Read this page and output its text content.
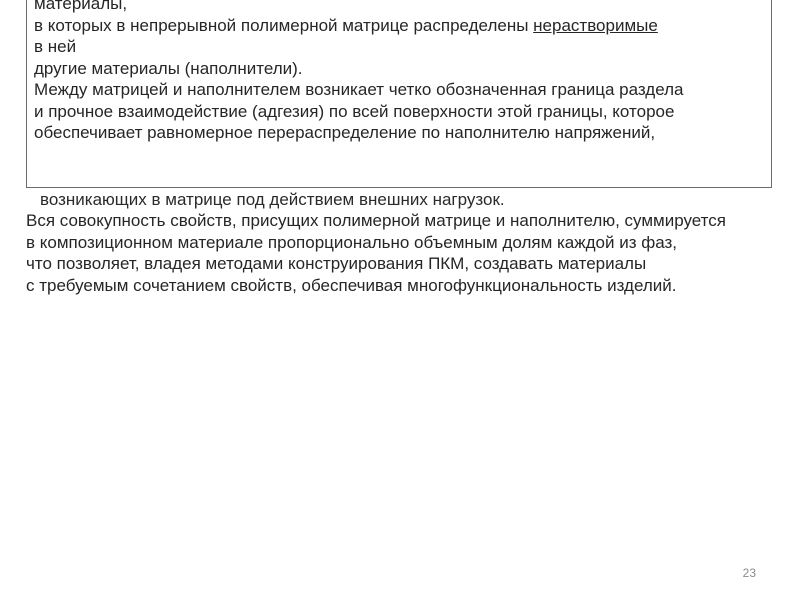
материалы,

в которых в непрерывной полимерной матрице распределены нерастворимые

в ней

другие материалы (наполнители).

Между матрицей и наполнителем возникает четко обозначенная граница раздела

и прочное взаимодействие (адгезия) по всей поверхности этой границы, которое

обеспечивает равномерное перераспределение по наполнителю напряжений,

возникающих в матрице под действием внешних нагрузок.

Вся совокупность свойств, присущих полимерной матрице и наполнителю, суммируется

в композиционном материале пропорционально объемным долям каждой из фаз,

что позволяет, владея методами конструирования ПКМ, создавать материалы

с требуемым сочетанием свойств, обеспечивая многофункциональность изделий.

23
